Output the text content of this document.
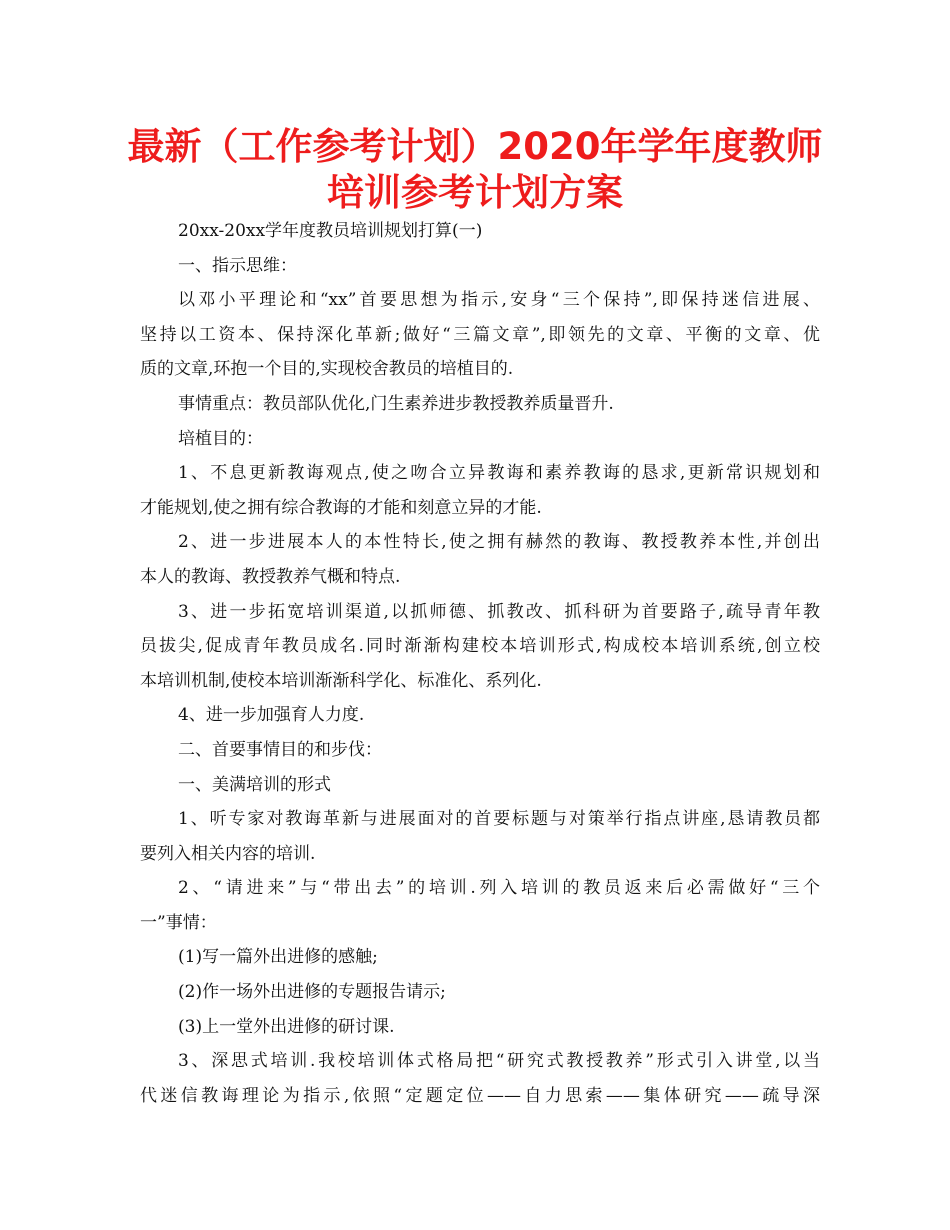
最新（工作参考计划）2020年学年度教师
培训参考计划方案
20xx-20xx学年度教员培训规划打算(一)
一、指示思维：
以邓小平理论和“xx”首要思想为指示,安身“三个保持”,即保持迷信进展、
坚持以工资本、保持深化革新;做好“三篇文章”,即领先的文章、平衡的文章、优
质的文章,环抱一个目的,实现校舍教员的培植目的.
事情重点：教员部队优化,门生素养进步教授教养质量晋升.
培植目的：
1、不息更新教诲观点,使之吻合立异教诲和素养教诲的恳求,更新常识规划和
才能规划,使之拥有综合教诲的才能和刻意立异的才能.
2、进一步进展本人的本性特长,使之拥有赫然的教诲、教授教养本性,并创出
本人的教诲、教授教养气概和特点.
3、进一步拓宽培训渠道,以抓师德、抓教改、抓科研为首要路子,疏导青年教
员拔尖,促成青年教员成名.同时渐渐构建校本培训形式,构成校本培训系统,创立校
本培训机制,使校本培训渐渐科学化、标准化、系列化.
4、进一步加强育人力度.
二、首要事情目的和步伐：
一、美满培训的形式
1、听专家对教诲革新与进展面对的首要标题与对策举行指点讲座,恳请教员都
要列入相关内容的培训.
2、“请进来”与“带出去”的培训.列入培训的教员返来后必需做好“三个
一”事情：
(1)写一篇外出进修的感触;
(2)作一场外出进修的专题报告请示;
(3)上一堂外出进修的研讨课.
3、深思式培训.我校培训体式格局把“研究式教授教养”形式引入讲堂,以当
代迷信教诲理论为指示,依照“定题定位——自力思索——集体研究——疏导深
